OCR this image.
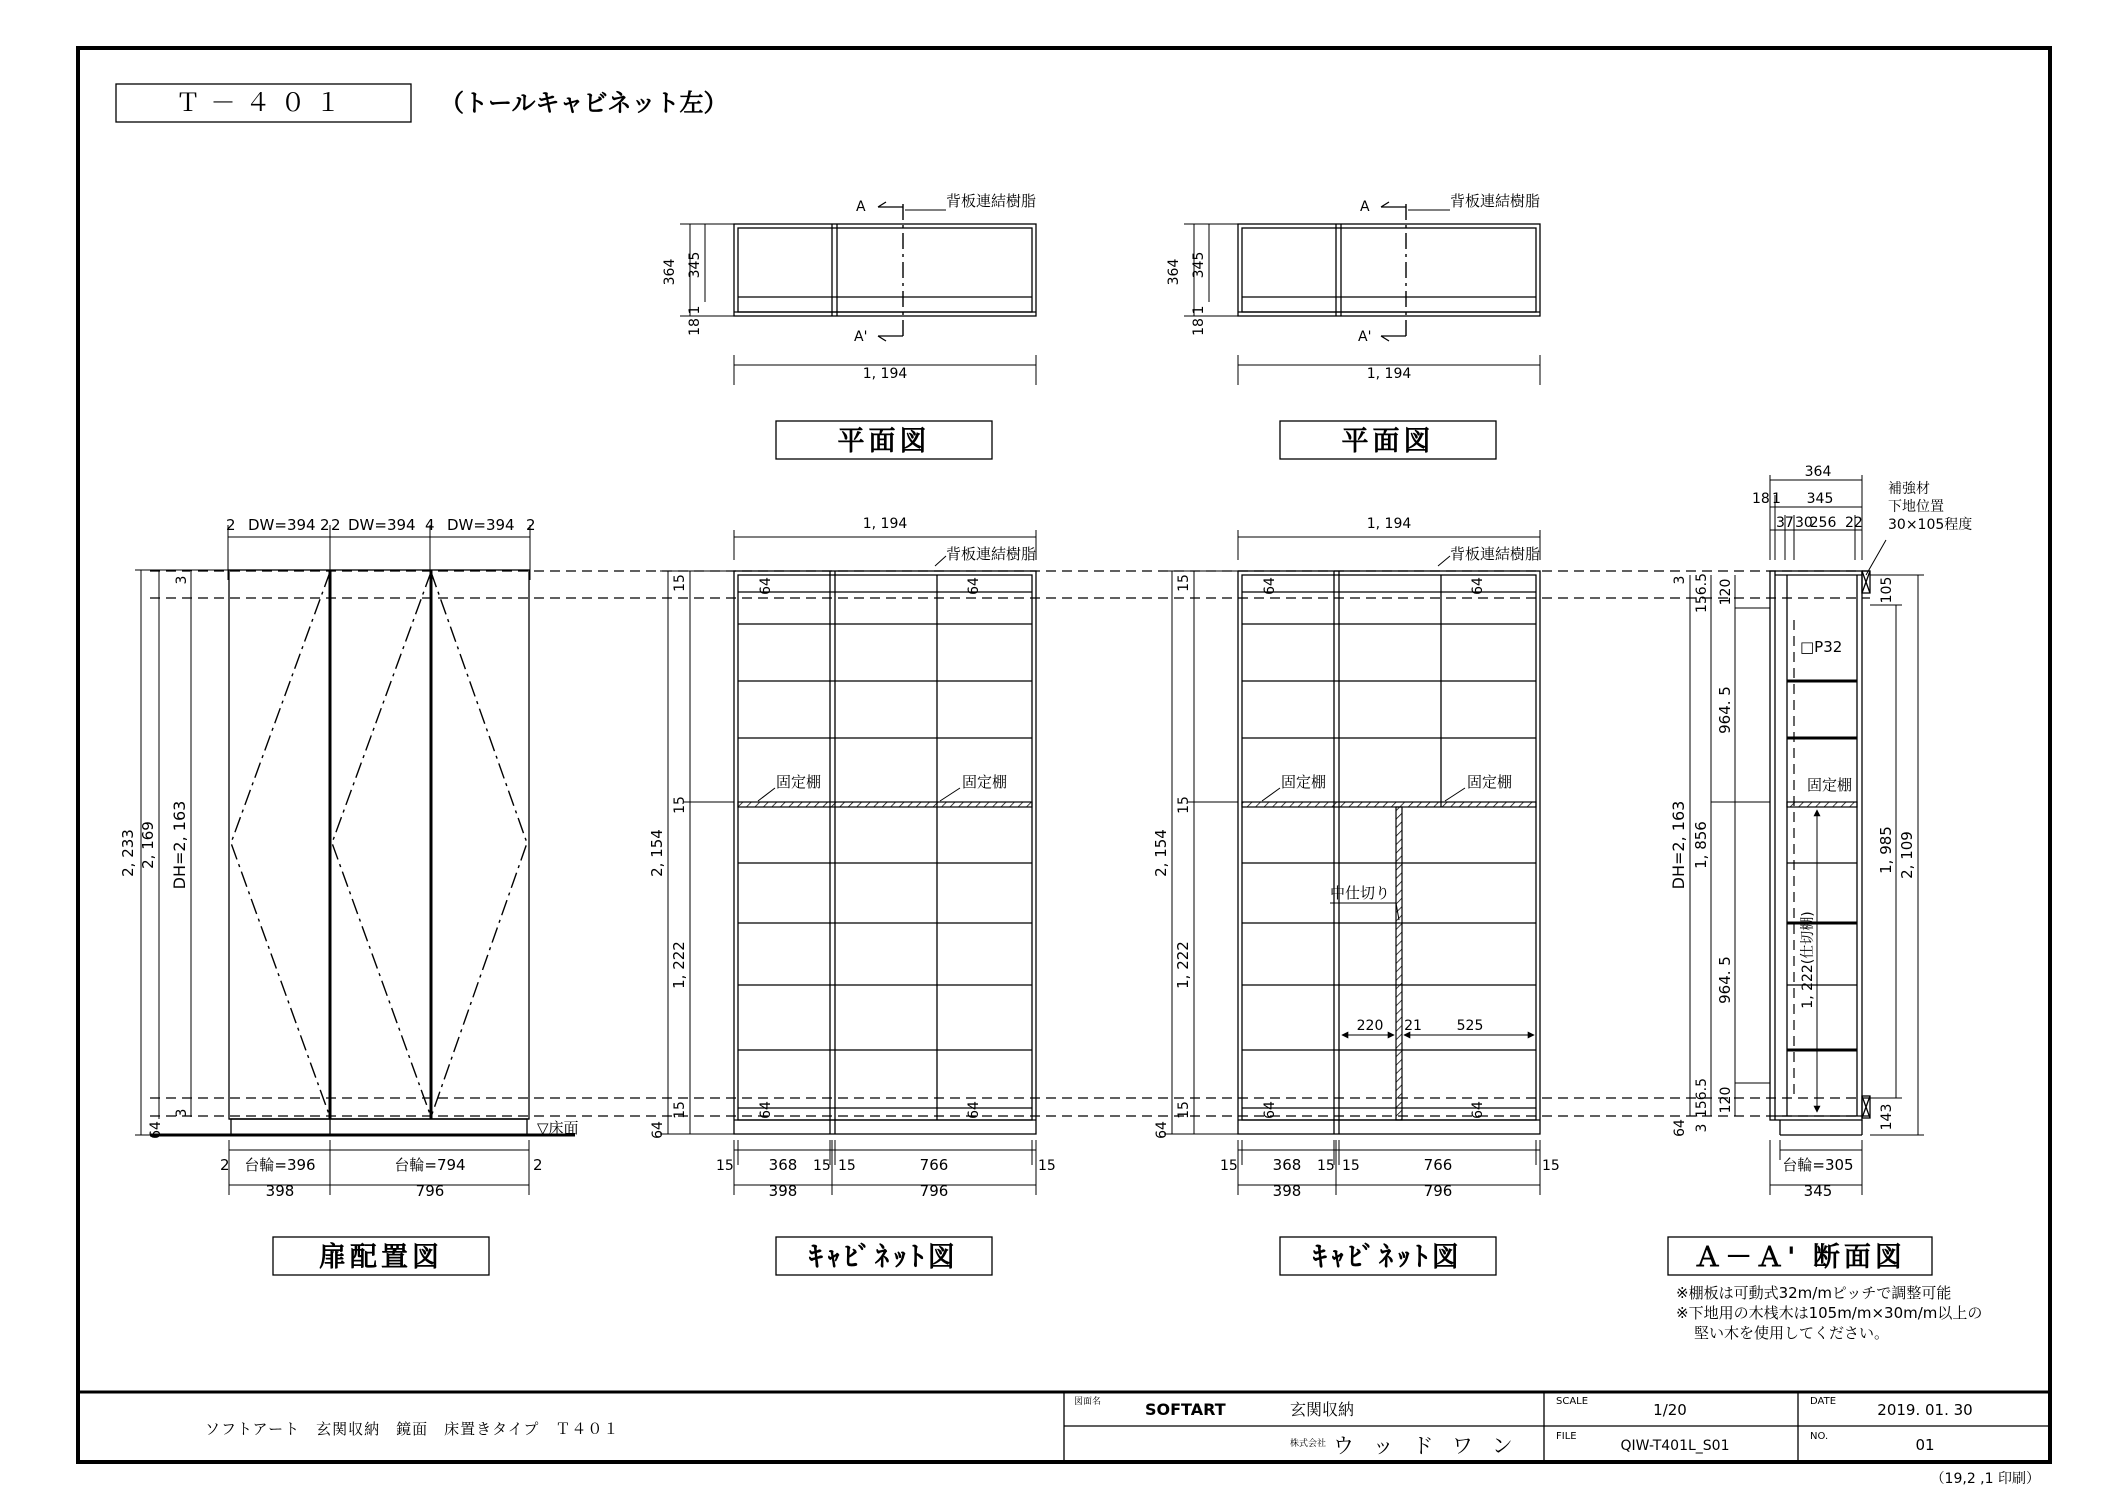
Ｔ－４０１	（トールキャビネット左）
A
A'
背板連結樹脂
364 345
18
1
1, 194
平面図
A
A'
背板連結樹脂
364 345
18
1
1, 194
平面図
2 DW=394 2 2 DW=394 4 DW=394 2
▽床面
2, 233 2, 169 DH=2, 163
3
3
64
2	2
台輪=396	台輪=794
398	796
扉配置図
1, 194
背板連結樹脂
固定棚	固定棚
64	64
64	64
15
2, 154
15
1, 222
15
64
15 368 15 15	766	15
398	796
ｷｬﾋﾞﾈｯﾄ図
1, 194
背板連結樹脂
固定棚	固定棚
中仕切り
220 21 525
64	64
64	64
15
2, 154
15
1, 222
15
64
15 368 15 15	766	15
398	796
ｷｬﾋﾞﾈｯﾄ図
364
18 1 345
37 30
256 22
補強材
下地位置
30×105程度
□P32
固定棚
1, 222(仕切棚)
DH=2, 163
3 156.5
1, 856
156.5
120
964. 5
964. 5
120
64 3
105
1, 985 2, 109
143
台輪=305
345
Ａ－Ａ' 断面図
※棚板は可動式32m/mピッチで調整可能
※下地用の木桟木は105m/m×30m/m以上の
堅い木を使用してください。
ソフトアート　玄関収納　鏡面　床置きタイプ　Ｔ４０１
図面名	SOFTART	玄関収納
株式会社 ウ ッ ド ワ ン
SCALE	1/20
FILE
QIW-T401L_S01
DATE	2019. 01. 30
NO.	01
（19,2 ,1 印刷）
